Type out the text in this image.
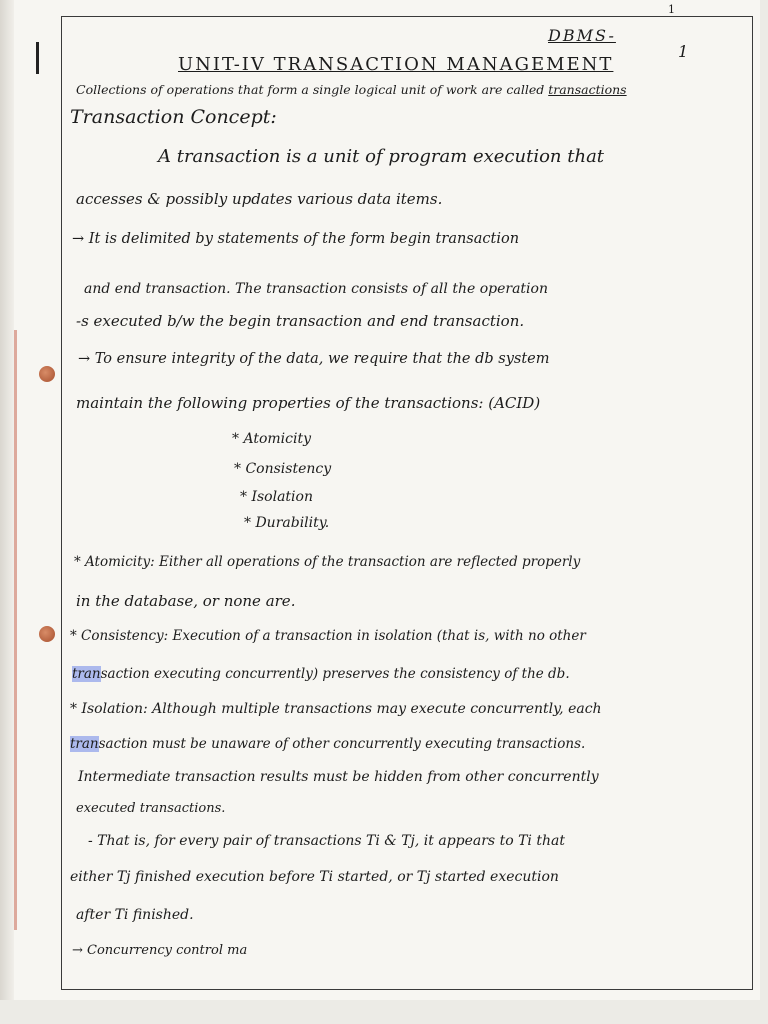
1
DBMS-
1
UNIT-IV TRANSACTION MANAGEMENT
Collections of operations that form a single logical unit of work are called transactions
Transaction Concept:
A transaction is a unit of program execution that
accesses & possibly updates various data items.
→ It is delimited by statements of the form begin transaction
and end transaction. The transaction consists of all the operation
-s executed b/w the begin transaction and end transaction.
→ To ensure integrity of the data, we require that the db system
maintain the following properties of the transactions: (ACID)
* Atomicity
* Consistency
* Isolation
* Durability.
* Atomicity: Either all operations of the transaction are reflected properly
in the database, or none are.
* Consistency: Execution of a transaction in isolation (that is, with no other
transaction executing concurrently) preserves the consistency of the db.
* Isolation: Although multiple transactions may execute concurrently, each
transaction must be unaware of other concurrently executing transactions.
Intermediate transaction results must be hidden from other concurrently
executed transactions.
- That is, for every pair of transactions Ti & Tj, it appears to Ti that
either Tj finished execution before Ti started, or Tj started execution
after Ti finished.
→ Concurrency control ma
